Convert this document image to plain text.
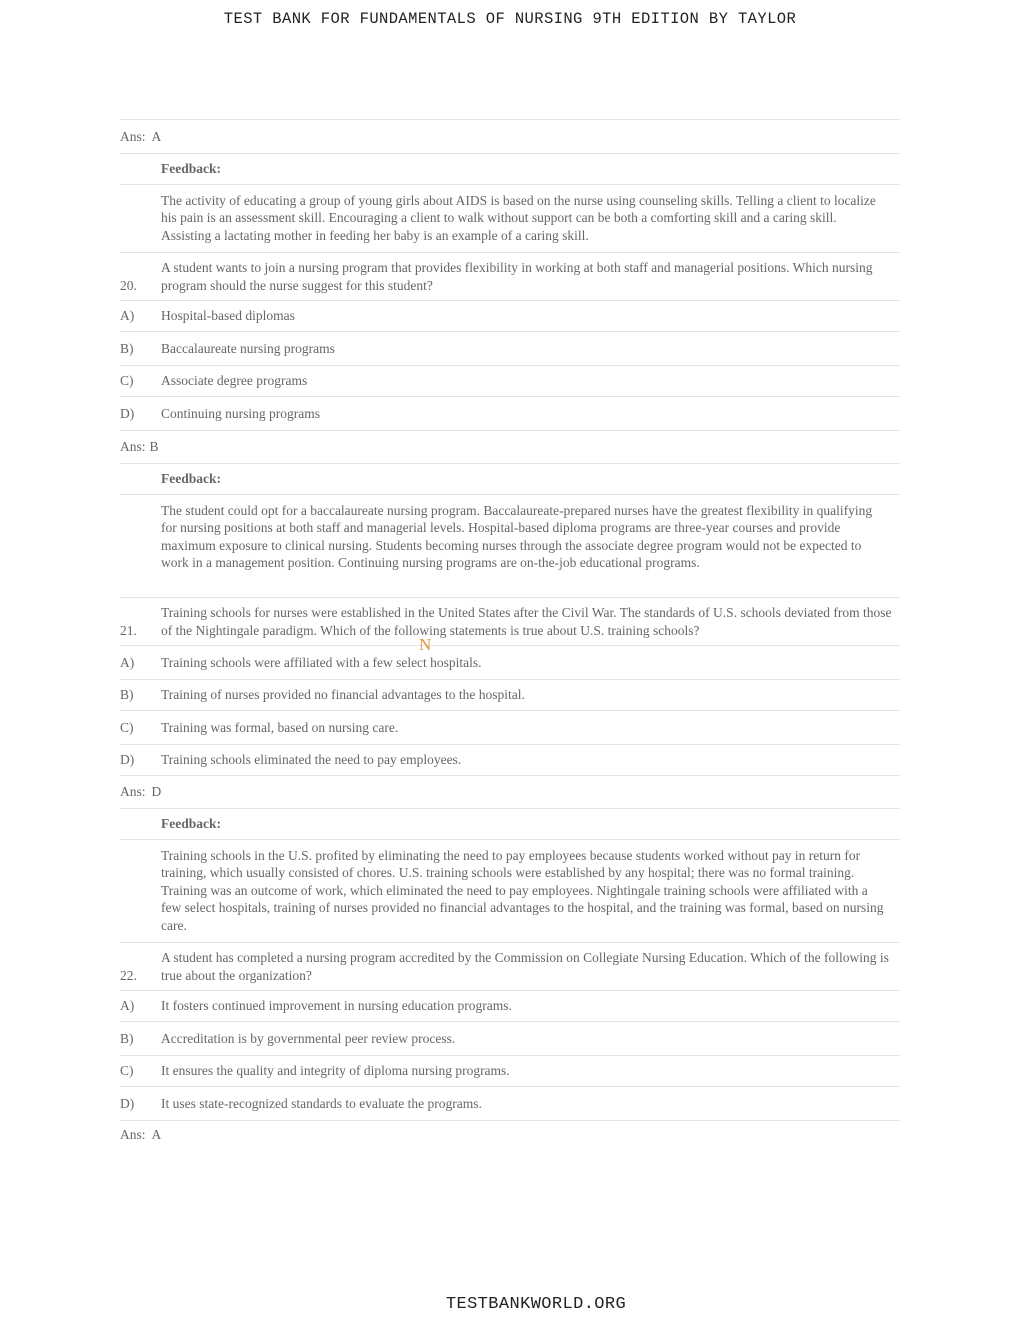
TEST BANK FOR FUNDAMENTALS OF NURSING 9TH EDITION BY TAYLOR
Ans: A
Feedback:
The activity of educating a group of young girls about AIDS is based on the nurse using counseling skills. Telling a client to localize his pain is an assessment skill. Encouraging a client to walk without support can be both a comforting skill and a caring skill. Assisting a lactating mother in feeding her baby is an example of a caring skill.
20.
A student wants to join a nursing program that provides flexibility in working at both staff and managerial positions. Which nursing program should the nurse suggest for this student?
A)	Hospital-based diplomas
B)	Baccalaureate nursing programs
C)	Associate degree programs
D)	Continuing nursing programs
Ans: B
Feedback:
The student could opt for a baccalaureate nursing program. Baccalaureate-prepared nurses have the greatest flexibility in qualifying for nursing positions at both staff and managerial levels. Hospital-based diploma programs are three-year courses and provide maximum exposure to clinical nursing. Students becoming nurses through the associate degree program would not be expected to work in a management position. Continuing nursing programs are on-the-job educational programs.
21.
Training schools for nurses were established in the United States after the Civil War. The standards of U.S. schools deviated from those of the Nightingale paradigm. Which of the following statements is true about U.S. training schools?
A)	Training schools were affiliated with a few select hospitals.
B)	Training of nurses provided no financial advantages to the hospital.
C)	Training was formal, based on nursing care.
D)	Training schools eliminated the need to pay employees.
Ans: D
Feedback:
Training schools in the U.S. profited by eliminating the need to pay employees because students worked without pay in return for training, which usually consisted of chores. U.S. training schools were established by any hospital; there was no formal training. Training was an outcome of work, which eliminated the need to pay employees. Nightingale training schools were affiliated with a few select hospitals, training of nurses provided no financial advantages to the hospital, and the training was formal, based on nursing care.
22.
A student has completed a nursing program accredited by the Commission on Collegiate Nursing Education. Which of the following is true about the organization?
A)	It fosters continued improvement in nursing education programs.
B)	Accreditation is by governmental peer review process.
C)	It ensures the quality and integrity of diploma nursing programs.
D)	It uses state-recognized standards to evaluate the programs.
Ans: A
N
TESTBANKWORLD.ORG
